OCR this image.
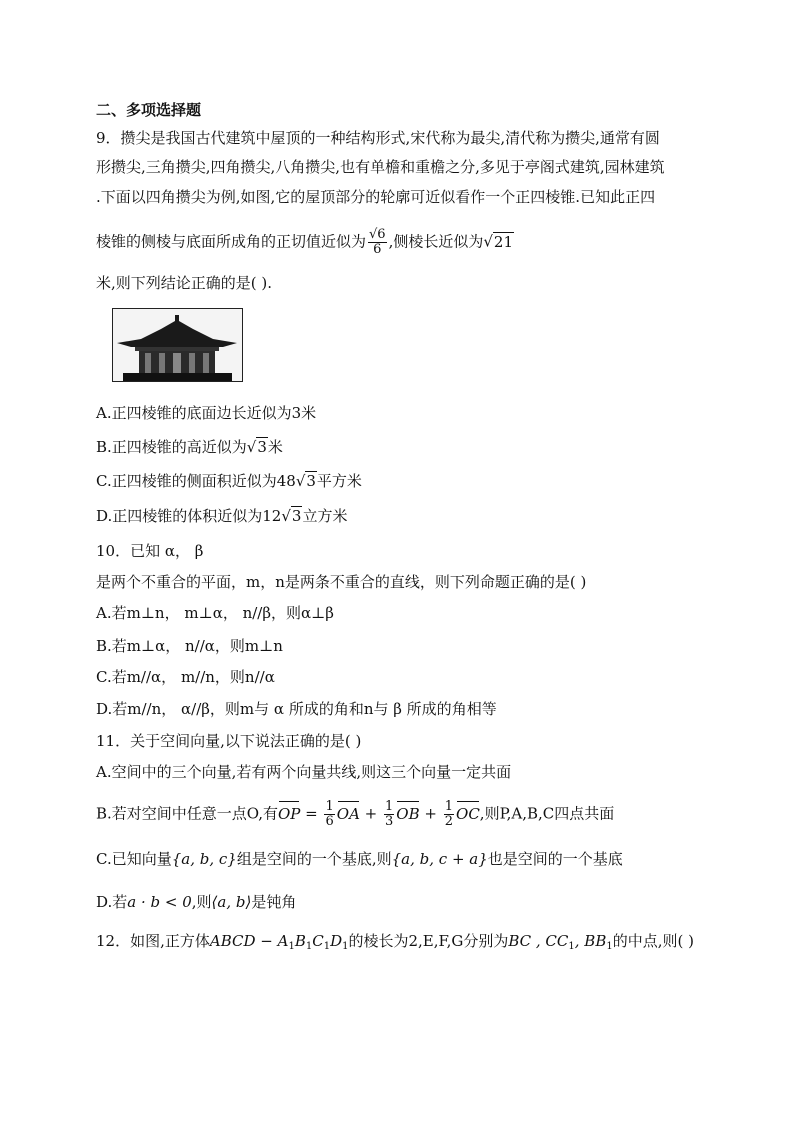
二、多项选择题
9．攒尖是我国古代建筑中屋顶的一种结构形式,宋代称为最尖,清代称为攒尖,通常有圆
形攒尖,三角攒尖,四角攒尖,八角攒尖,也有单檐和重檐之分,多见于亭阁式建筑,园林建筑
.下面以四角攒尖为例,如图,它的屋顶部分的轮廓可近似看作一个正四棱锥.已知此正四
棱锥的侧棱与底面所成角的正切值近似为 $\frac{√6}{6}$ ,侧棱长近似为√21
米,则下列结论正确的是( ).
A.正四棱锥的底面边长近似为3米
B.正四棱锥的高近似为√3米
C.正四棱锥的侧面积近似为48√3平方米
D.正四棱锥的体积近似为12√3立方米
10．已知 α， β
是两个不重合的平面，m，n是两条不重合的直线，则下列命题正确的是( )
A.若m⊥n， m⊥α， n//β，则α⊥β
B.若m⊥α， n//α，则m⊥n
C.若m//α， m//n，则n//α
D.若m//n， α//β，则m与 α 所成的角和n与 β 所成的角相等
11．关于空间向量,以下说法正确的是( )
A.空间中的三个向量,若有两个向量共线,则这三个向量一定共面
B.若对空间中任意一点O,有OP = $\frac{1}{6}$ OA + $\frac{1}{3}$ OB + $\frac{1}{2}$ OC,则P,A,B,C四点共面
C.已知向量{a, b, c}组是空间的一个基底,则{a, b, c + a}也是空间的一个基底
D.若a · b < 0,则⟨a, b⟩是钝角
12．如图,正方体ABCD − $A_1B_1C_1D_1$的棱长为2,E,F,G分别为BC , $CC_1$, $BB_1$的中点,则( )
